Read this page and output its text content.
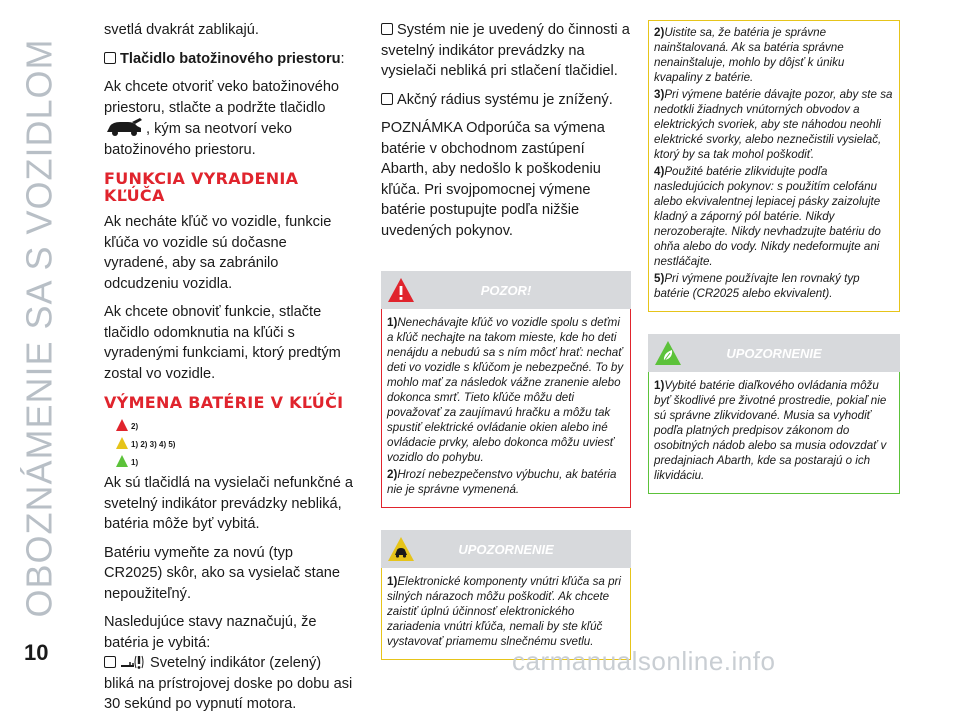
OBOZNÁMENIE SA S VOZIDLOM

svetlá dvakrát zablikajú.

Tlačidlo batožinového priestoru:

Ak chcete otvoriť veko batožinového priestoru, stlačte a podržte tlačidlo

, kým sa neotvorí veko batožinového priestoru.

FUNKCIA VYRADENIA KĽÚČA

Ak necháte kľúč vo vozidle, funkcie kľúča vo vozidle sú dočasne vyradené, aby sa zabránilo odcudzeniu vozidla.

Ak chcete obnoviť funkcie, stlačte tlačidlo odomknutia na kľúči s vyradenými funkciami, ktorý predtým zostal vo vozidle.

VÝMENA BATÉRIE V KĽÚČI
2)
1) 2) 3) 4) 5)
1)

Ak sú tlačidlá na vysielači nefunkčné a svetelný indikátor prevádzky nebliká, batéria môže byť vybitá.

Batériu vymeňte za novú (typ CR2025) skôr, ako sa vysielač stane nepoužiteľný.

Nasledujúce stavy naznačujú, že batéria je vybitá:

Svetelný indikátor (zelený) bliká na prístrojovej doske po dobu asi 30 sekúnd po vypnutí motora.

Systém nie je uvedený do činnosti a svetelný indikátor prevádzky na vysielači nebliká pri stlačení tlačidiel.

Akčný rádius systému je znížený.

POZNÁMKA Odporúča sa výmena batérie v obchodnom zastúpení Abarth, aby nedošlo k poškodeniu kľúča. Pri svojpomocnej výmene batérie postupujte podľa nižšie uvedených pokynov.

POZOR!

1)Nenechávajte kľúč vo vozidle spolu s deťmi a kľúč nechajte na takom mieste, kde ho deti nenájdu a nebudú sa s ním môcť hrať: nechať deti vo vozidle s kľúčom je nebezpečné. To by mohlo mať za následok vážne zranenie alebo dokonca smrť. Tieto kľúče môžu deti považovať za zaujímavú hračku a môžu tak spustiť elektrické ovládanie okien alebo iné ovládacie prvky, alebo dokonca môžu uviesť vozidlo do pohybu.

2)Hrozí nebezpečenstvo výbuchu, ak batéria nie je správne vymenená.

UPOZORNENIE

1)Elektronické komponenty vnútri kľúča sa pri silných nárazoch môžu poškodiť. Ak chcete zaistiť úplnú účinnosť elektronického zariadenia vnútri kľúča, nemali by ste kľúč vystavovať priamemu slnečnému svetlu.

2)Uistite sa, že batéria je správne nainštalovaná. Ak sa batéria správne nenainštaluje, mohlo by dôjsť k úniku kvapaliny z batérie.

3)Pri výmene batérie dávajte pozor, aby ste sa nedotkli žiadnych vnútorných obvodov a elektrických svoriek, aby ste náhodou neohli elektrické svorky, alebo neznečistili vysielač, ktorý by sa tak mohol poškodiť.

4)Použité batérie zlikvidujte podľa nasledujúcich pokynov: s použitím celofánu alebo ekvivalentnej lepiacej pásky zaizolujte kladný a záporný pól batérie. Nikdy nerozoberajte. Nikdy nevhadzujte batériu do ohňa alebo do vody. Nikdy nedeformujte ani nestláčajte.

5)Pri výmene používajte len rovnaký typ batérie (CR2025 alebo ekvivalent).

UPOZORNENIE

1)Vybité batérie diaľkového ovládania môžu byť škodlivé pre životné prostredie, pokiaľ nie sú správne zlikvidované. Musia sa vyhodiť podľa platných predpisov zákonom do osobitných nádob alebo sa musia odovzdať v predajniach Abarth, kde sa postarajú o ich likvidáciu.

10	carmanualsonline.info
